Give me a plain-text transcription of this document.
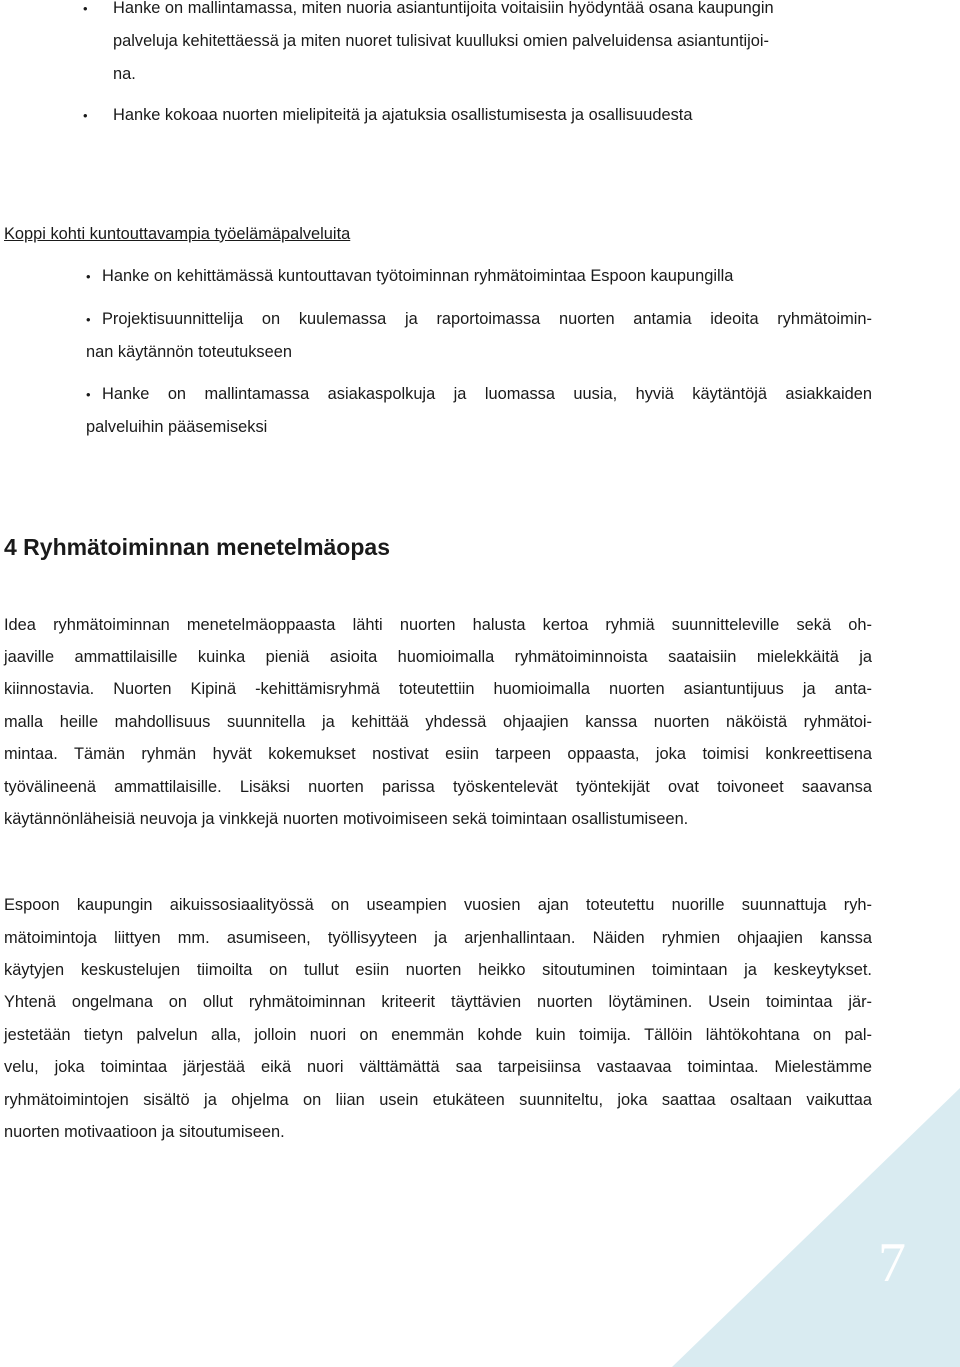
7
• Hanke on mallintamassa, miten nuoria asiantuntijoita voitaisiin hyödyntää osana kaupungin
palveluja kehitettäessä ja miten nuoret tulisivat kuulluksi omien palveluidensa asiantuntijoi-
na.
• Hanke kokoaa nuorten mielipiteitä ja ajatuksia osallistumisesta ja osallisuudesta
Koppi kohti kuntouttavampia työelämäpalveluita
• Hanke on kehittämässä kuntouttavan työtoiminnan ryhmätoimintaa Espoon kaupungilla
• Projektisuunnittelija on kuulemassa ja raportoimassa nuorten antamia ideoita ryhmätoimin-
nan käytännön toteutukseen
• Hanke on mallintamassa asiakaspolkuja ja luomassa uusia, hyviä käytäntöjä asiakkaiden
palveluihin pääsemiseksi
4 Ryhmätoiminnan menetelmäopas
Idea ryhmätoiminnan menetelmäoppaasta lähti nuorten halusta kertoa ryhmiä suunnitteleville sekä oh-
jaaville ammattilaisille kuinka pieniä asioita huomioimalla ryhmätoiminnoista saataisiin mielekkäitä ja
kiinnostavia. Nuorten Kipinä -kehittämisryhmä toteutettiin huomioimalla nuorten asiantuntijuus ja anta-
malla heille mahdollisuus suunnitella ja kehittää yhdessä ohjaajien kanssa nuorten näköistä ryhmätoi-
mintaa. Tämän ryhmän hyvät kokemukset nostivat esiin tarpeen oppaasta, joka toimisi konkreettisena
työvälineenä ammattilaisille. Lisäksi nuorten parissa työskentelevät työntekijät ovat toivoneet saavansa
käytännönläheisiä neuvoja ja vinkkejä nuorten motivoimiseen sekä toimintaan osallistumiseen.
Espoon kaupungin aikuissosiaalityössä on useampien vuosien ajan toteutettu nuorille suunnattuja ryh-
mätoimintoja liittyen mm. asumiseen, työllisyyteen ja arjenhallintaan. Näiden ryhmien ohjaajien kanssa
käytyjen keskustelujen tiimoilta on tullut esiin nuorten heikko sitoutuminen toimintaan ja keskeytykset.
Yhtenä ongelmana on ollut ryhmätoiminnan kriteerit täyttävien nuorten löytäminen. Usein toimintaa jär-
jestetään tietyn palvelun alla, jolloin nuori on enemmän kohde kuin toimija. Tällöin lähtökohtana on pal-
velu, joka toimintaa järjestää eikä nuori välttämättä saa tarpeisiinsa vastaavaa toimintaa. Mielestämme
ryhmätoimintojen sisältö ja ohjelma on liian usein etukäteen suunniteltu, joka saattaa osaltaan vaikuttaa
nuorten motivaatioon ja sitoutumiseen.
